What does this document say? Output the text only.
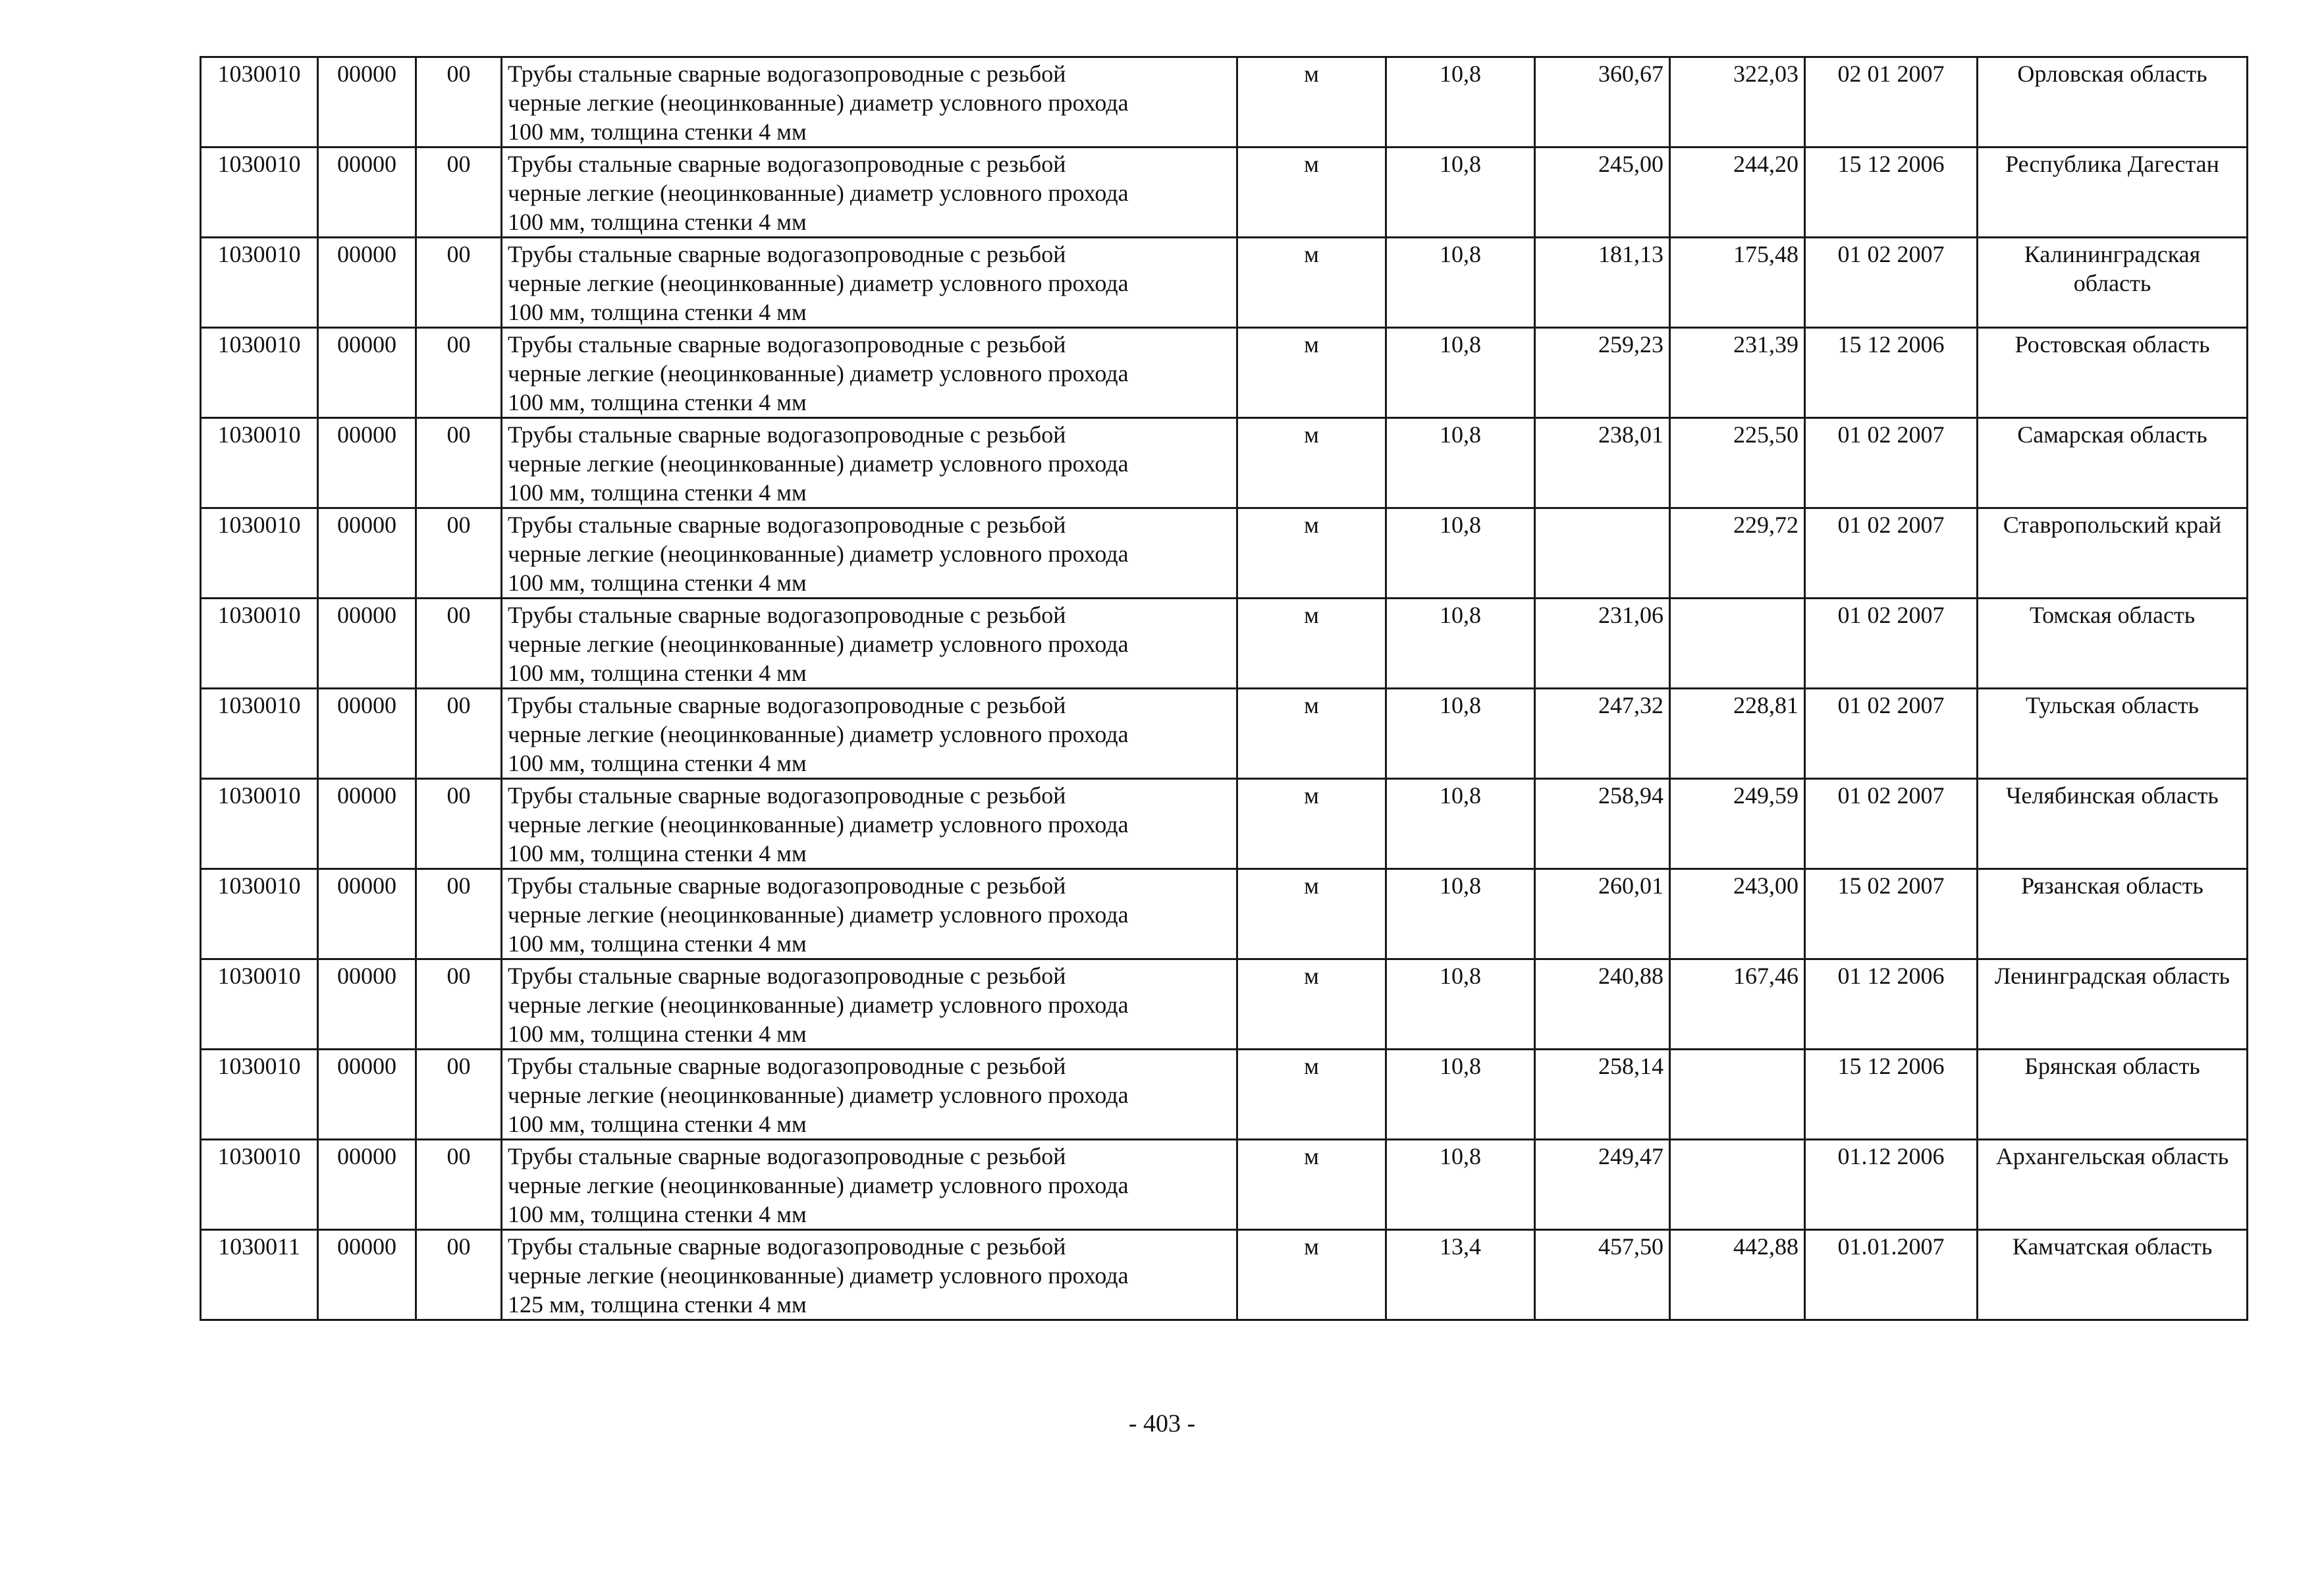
1030010	00000	00	Трубы стальные сварные водогазопроводные с резьбой
черные легкие (неоцинкованные) диаметр условного прохода
100 мм, толщина стенки 4 мм	м	10,8	360,67	322,03	02 01 2007	Орловская область
1030010	00000	00	Трубы стальные сварные водогазопроводные с резьбой
черные легкие (неоцинкованные) диаметр условного прохода
100 мм, толщина стенки 4 мм	м	10,8	245,00	244,20	15 12 2006	Республика Дагестан
1030010	00000	00	Трубы стальные сварные водогазопроводные с резьбой
черные легкие (неоцинкованные) диаметр условного прохода
100 мм, толщина стенки 4 мм	м	10,8	181,13	175,48	01 02 2007	Калининградская область
1030010	00000	00	Трубы стальные сварные водогазопроводные с резьбой
черные легкие (неоцинкованные) диаметр условного прохода
100 мм, толщина стенки 4 мм	м	10,8	259,23	231,39	15 12 2006	Ростовская область
1030010	00000	00	Трубы стальные сварные водогазопроводные с резьбой
черные легкие (неоцинкованные) диаметр условного прохода
100 мм, толщина стенки 4 мм	м	10,8	238,01	225,50	01 02 2007	Самарская область
1030010	00000	00	Трубы стальные сварные водогазопроводные с резьбой
черные легкие (неоцинкованные) диаметр условного прохода
100 мм, толщина стенки 4 мм	м	10,8		229,72	01 02 2007	Ставропольский край
1030010	00000	00	Трубы стальные сварные водогазопроводные с резьбой
черные легкие (неоцинкованные) диаметр условного прохода
100 мм, толщина стенки 4 мм	м	10,8	231,06		01 02 2007	Томская область
1030010	00000	00	Трубы стальные сварные водогазопроводные с резьбой
черные легкие (неоцинкованные) диаметр условного прохода
100 мм, толщина стенки 4 мм	м	10,8	247,32	228,81	01 02 2007	Тульская область
1030010	00000	00	Трубы стальные сварные водогазопроводные с резьбой
черные легкие (неоцинкованные) диаметр условного прохода
100 мм, толщина стенки 4 мм	м	10,8	258,94	249,59	01 02 2007	Челябинская область
1030010	00000	00	Трубы стальные сварные водогазопроводные с резьбой
черные легкие (неоцинкованные) диаметр условного прохода
100 мм, толщина стенки 4 мм	м	10,8	260,01	243,00	15 02 2007	Рязанская область
1030010	00000	00	Трубы стальные сварные водогазопроводные с резьбой
черные легкие (неоцинкованные) диаметр условного прохода
100 мм, толщина стенки 4 мм	м	10,8	240,88	167,46	01 12 2006	Ленинградская область
1030010	00000	00	Трубы стальные сварные водогазопроводные с резьбой
черные легкие (неоцинкованные) диаметр условного прохода
100 мм, толщина стенки 4 мм	м	10,8	258,14		15 12 2006	Брянская область
1030010	00000	00	Трубы стальные сварные водогазопроводные с резьбой
черные легкие (неоцинкованные) диаметр условного прохода
100 мм, толщина стенки 4 мм	м	10,8	249,47		01.12 2006	Архангельская область
1030011	00000	00	Трубы стальные сварные водогазопроводные с резьбой
черные легкие (неоцинкованные) диаметр условного прохода
125 мм, толщина стенки 4 мм	м	13,4	457,50	442,88	01.01.2007	Камчатская область
- 403 -
